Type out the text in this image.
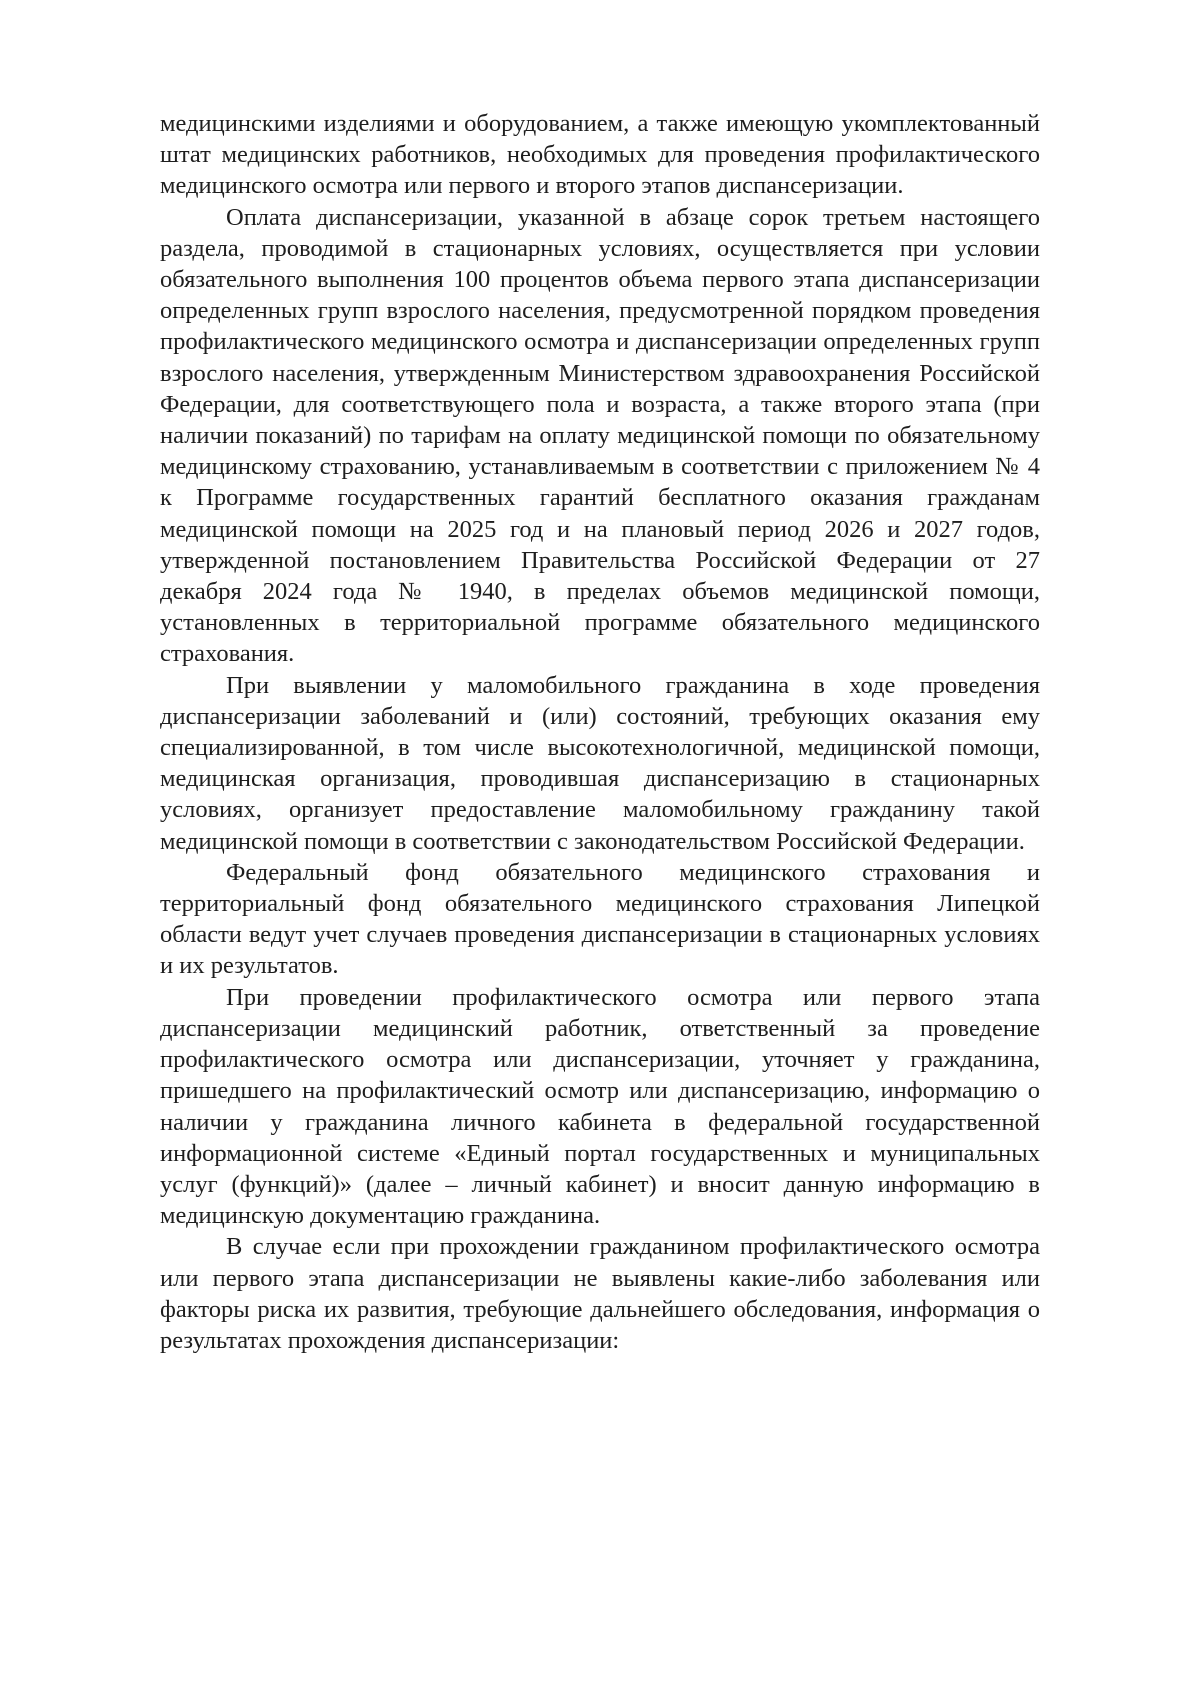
медицинскими изделиями и оборудованием, а также имеющую укомплектованный штат медицинских работников, необходимых для проведения профилактического медицинского осмотра или первого и второго этапов диспансеризации.

Оплата диспансеризации, указанной в абзаце сорок третьем настоящего раздела, проводимой в стационарных условиях, осуществляется при условии обязательного выполнения 100 процентов объема первого этапа диспансеризации определенных групп взрослого населения, предусмотренной порядком проведения профилактического медицинского осмотра и диспансеризации определенных групп взрослого населения, утвержденным Министерством здравоохранения Российской Федерации, для соответствующего пола и возраста, а также второго этапа (при наличии показаний) по тарифам на оплату медицинской помощи по обязательному медицинскому страхованию, устанавливаемым в соответствии с приложением № 4 к Программе государственных гарантий бесплатного оказания гражданам медицинской помощи на 2025 год и на плановый период 2026 и 2027 годов, утвержденной постановлением Правительства Российской Федерации от 27 декабря 2024 года № 1940, в пределах объемов медицинской помощи, установленных в территориальной программе обязательного медицинского страхования.

При выявлении у маломобильного гражданина в ходе проведения диспансеризации заболеваний и (или) состояний, требующих оказания ему специализированной, в том числе высокотехнологичной, медицинской помощи, медицинская организация, проводившая диспансеризацию в стационарных условиях, организует предоставление маломобильному гражданину такой медицинской помощи в соответствии с законодательством Российской Федерации.

Федеральный фонд обязательного медицинского страхования и территориальный фонд обязательного медицинского страхования Липецкой области ведут учет случаев проведения диспансеризации в стационарных условиях и их результатов.

При проведении профилактического осмотра или первого этапа диспансеризации медицинский работник, ответственный за проведение профилактического осмотра или диспансеризации, уточняет у гражданина, пришедшего на профилактический осмотр или диспансеризацию, информацию о наличии у гражданина личного кабинета в федеральной государственной информационной системе «Единый портал государственных и муниципальных услуг (функций)» (далее – личный кабинет) и вносит данную информацию в медицинскую документацию гражданина.

В случае если при прохождении гражданином профилактического осмотра или первого этапа диспансеризации не выявлены какие-либо заболевания или факторы риска их развития, требующие дальнейшего обследования, информация о результатах прохождения диспансеризации:
